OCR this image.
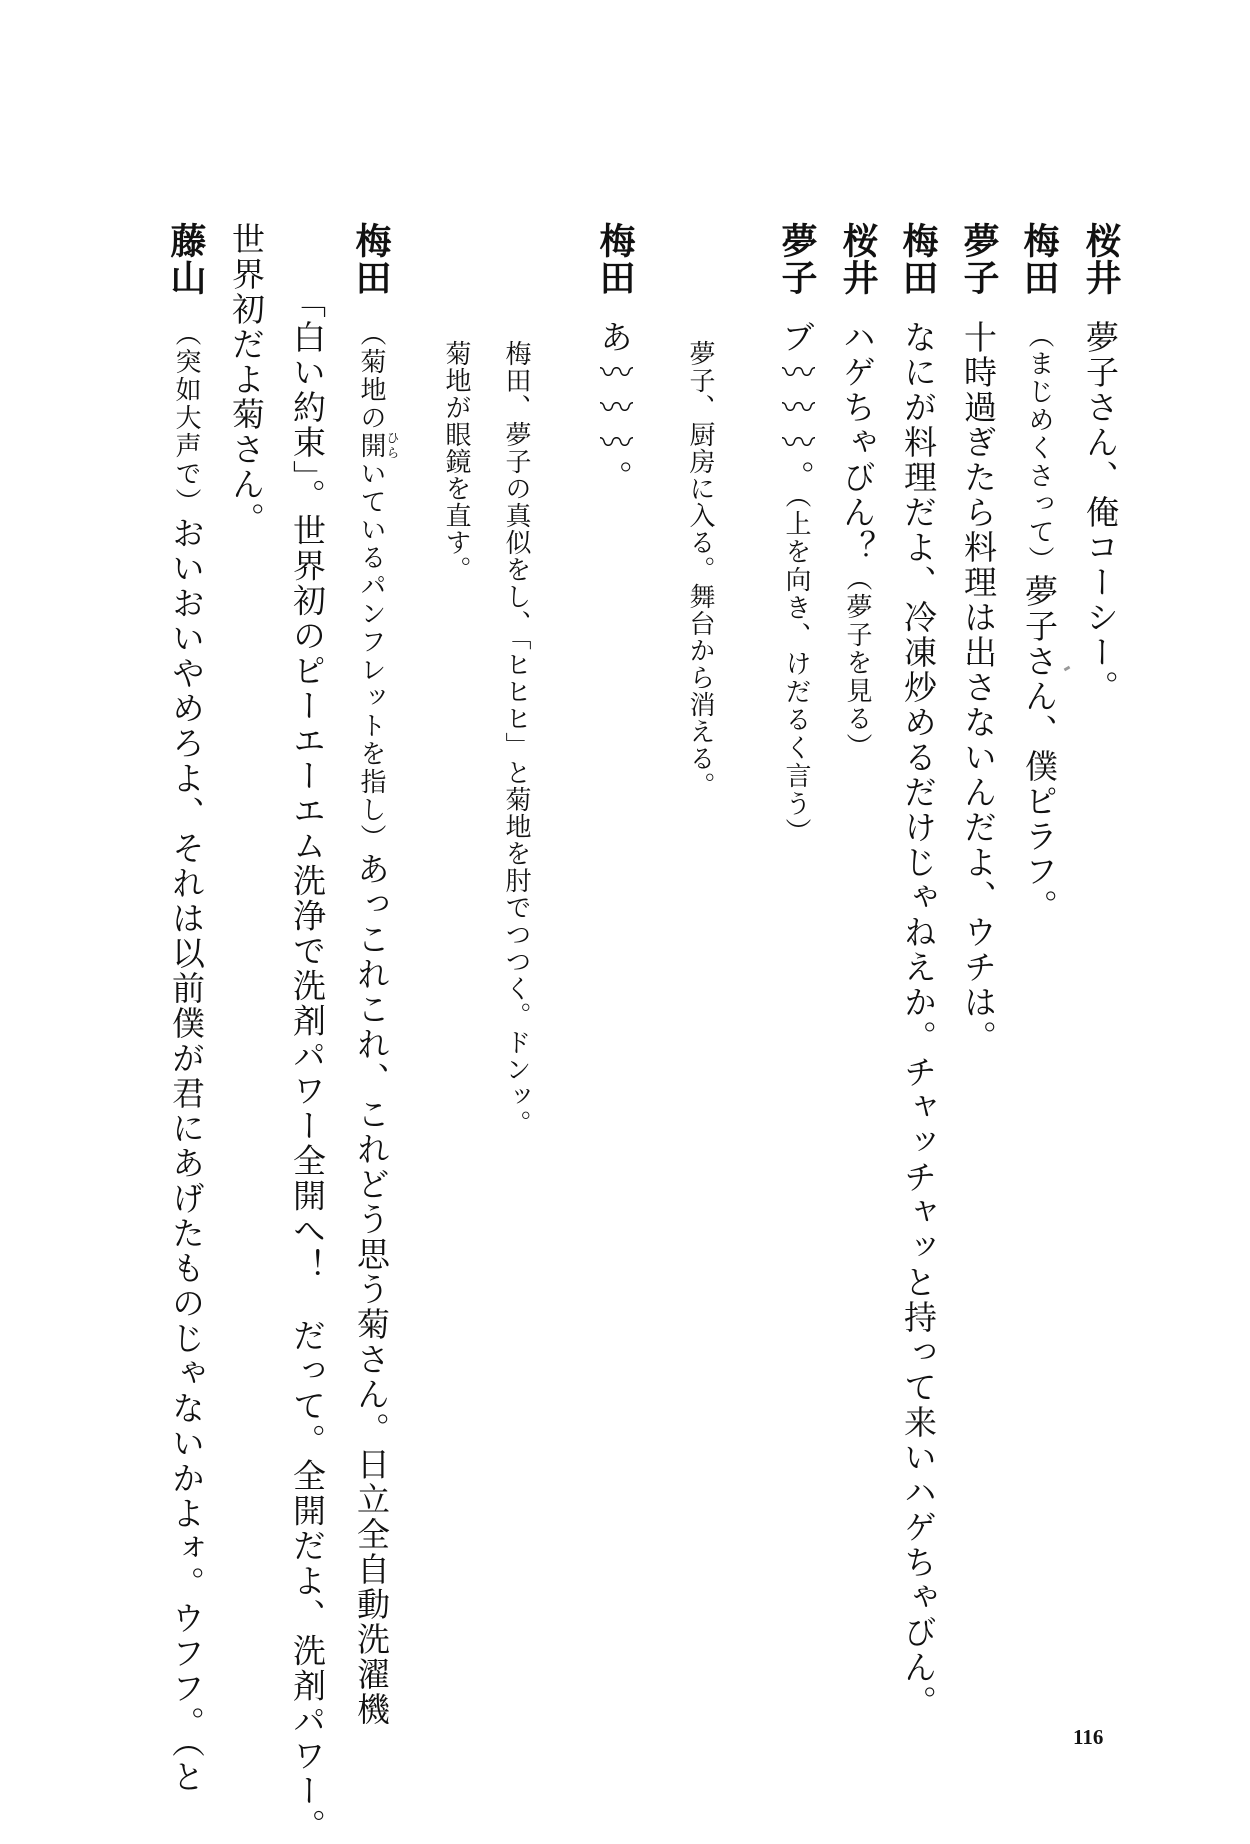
桜井
夢子さん、俺コーシー。
梅田
（まじめくさって）夢子さん、僕ピラフ。
夢子
十時過ぎたら料理は出さないんだよ、ウチは。
梅田
なにが料理だよ、冷凍炒めるだけじゃねえか。チャッチャッと持って来いハゲちゃびん。
桜井
ハゲちゃびん？（夢子を見る）
夢子
ブ〰〰〰。（上を向き、けだるく言う）
夢子、厨房に入る。舞台から消える。
梅田
あ〰〰〰。
梅田、夢子の真似をし、「ヒヒヒ」と菊地を肘でつつく。ドンッ。
菊地が眼鏡を直す。
梅田
（菊地の開ひらいているパンフレットを指し）あっこれこれ、これどう思う菊さん。日立全自動洗濯機
「白い約束」。世界初のピーエーエム洗浄で洗剤パワー全開へ！　だって。全開だよ、洗剤パワー。
世界初だよ菊さん。
藤山
（突如大声で）おいおいやめろよ、それは以前僕が君にあげたものじゃないかよォ。ウフフ。（と	116
